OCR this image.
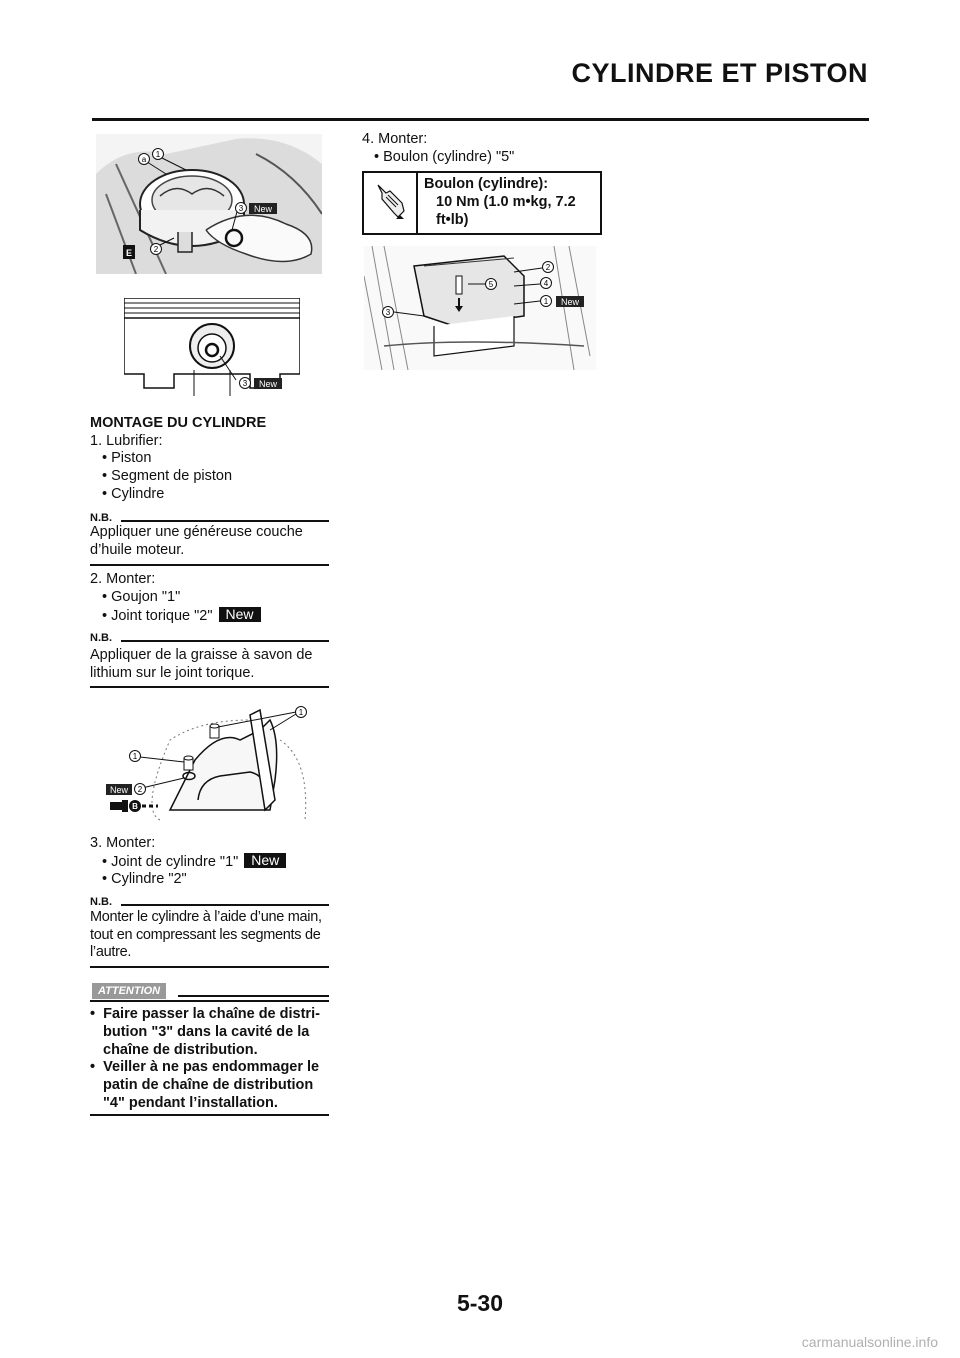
CYLINDRE ET PISTON
a
1
2
3 New
E
3 New
MONTAGE DU CYLINDRE
1. Lubrifier:
• Piston
• Segment de piston
• Cylindre
N.B.
Appliquer une généreuse couche
d’huile moteur.
2. Monter:
• Goujon "1"
• Joint torique "2" New
N.B.
Appliquer de la graisse à savon de
lithium sur le joint torique.
1
1
2
New
B
3. Monter:
• Joint de cylindre "1" New
• Cylindre "2"
N.B.
Monter le cylindre à l’aide d’une main,
tout en compressant les segments de
l’autre.
ATTENTION
•  Faire passer la chaîne de distri-
bution "3" dans la cavité de la
chaîne de distribution.
•  Veiller à ne pas endommager le
patin de chaîne de distribution
"4" pendant l’installation.
4. Monter:
• Boulon (cylindre) "5"
Boulon (cylindre):
10 Nm (1.0 m•kg, 7.2
ft•lb)
5
2
4
1 New
3
5-30
carmanualsonline.info
